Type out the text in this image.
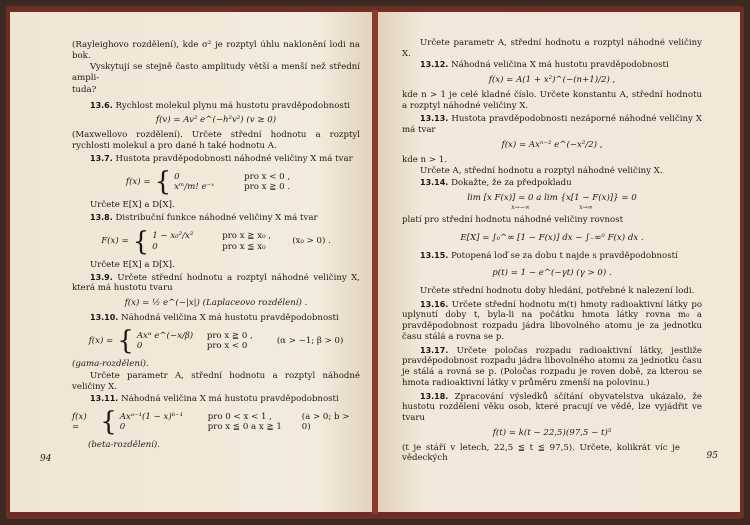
(Rayleighovo rozdělení), kde σ² je rozptyl úhlu naklonění lodi na bok.

Vyskytují se stejně často amplitudy větší a menší než střední ampli-

tuda?

13.6. Rychlost molekul plynu má hustotu pravděpodobnosti

f(v) = Av² e^(−h²v²) (v ≥ 0)

(Maxwellovo rozdělení). Určete střední hodnotu a rozptyl rychlosti molekul a pro dané h také hodnotu A.

13.7. Hustota pravděpodobnosti náhodné veličiny X má tvar

f(x) = { 0	pro x < 0 ,
xᵐ/m! e⁻ˣ	pro x ≧ 0 .

Určete E[X] a D[X].

13.8. Distribuční funkce náhodné veličiny X má tvar

F(x) = { 1 − x₀²/x²	pro x ≧ x₀ ,
0	pro x ≦ x₀
(x₀ > 0) .

Určete E[X] a D[X].

13.9. Určete střední hodnotu a rozptyl náhodné veličiny X, která má hustotu tvaru

f(x) = ½ e^(−|x|) (Laplaceovo rozdělení) .

13.10. Náhodná veličina X má hustotu pravděpodobnosti

f(x) = { Axᵅ e^(−x/β)	pro x ≧ 0 ,
0	pro x < 0
(α > −1; β > 0)

(gama-rozdělení).

Určete parametr A, střední hodnotu a rozptyl náhodné veličiny X.

13.11. Náhodná veličina X má hustotu pravděpodobnosti

f(x) = { Axᵃ⁻¹(1 − x)ᵇ⁻¹	pro 0 < x < 1 ,
0	pro x ≦ 0 a x ≧ 1
(a > 0; b > 0)

(beta-rozdělení).

94

Určete parametr A, střední hodnotu a rozptyl náhodné veličiny X.

13.12. Náhodná veličina X má hustotu pravděpodobnosti

f(x) = A(1 + x²)^(−(n+1)/2) ,

kde n > 1 je celé kladné číslo. Určete konstantu A, střední hodnotu a rozptyl náhodné veličiny X.

13.13. Hustota pravděpodobnosti nezáporné náhodné veličiny X má tvar

f(x) = Axⁿ⁻² e^(−x²/2) ,

kde n > 1.

Určete A, střední hodnotu a rozptyl náhodné veličiny X.

13.14. Dokažte, že za předpokladu

lim [x F(x)] = 0 a lim {x[1 − F(x)]} = 0
x→−∞                          x→∞

platí pro střední hodnotu náhodné veličiny rovnost

E[X] = ∫₀^∞ [1 − F(x)] dx − ∫₋∞⁰ F(x) dx .

13.15. Potopená loď se za dobu t najde s pravděpodobností

p(t) = 1 − e^(−γt) (γ > 0) .

Určete střední hodnotu doby hledání, potřebné k nalezení lodi.

13.16. Určete střední hodnotu m(t) hmoty radioaktivní látky po uplynutí doby t, byla-li na počátku hmota látky rovna m₀ a pravděpodobnost rozpadu jádra libovolného atomu je za jednotku času stálá a rovna se p.

13.17. Určete poločas rozpadu radioaktivní látky, jestliže pravděpodobnost rozpadu jádra libovolného atomu za jednotku času je stálá a rovná se p. (Poločas rozpadu je roven době, za kterou se hmota radioaktivní látky v průměru zmenší na polovinu.)

13.18. Zpracování výsledků sčítání obyvatelstva ukázalo, že hustotu rozdělení věku osob, které pracují ve vědě, lze vyjádřit ve tvaru

f(t) = k(t − 22,5)(97,5 − t)⁵

(t je stáří v letech, 22,5 ≦ t ≦ 97,5). Určete, kolikrát víc je vědeckých	95
